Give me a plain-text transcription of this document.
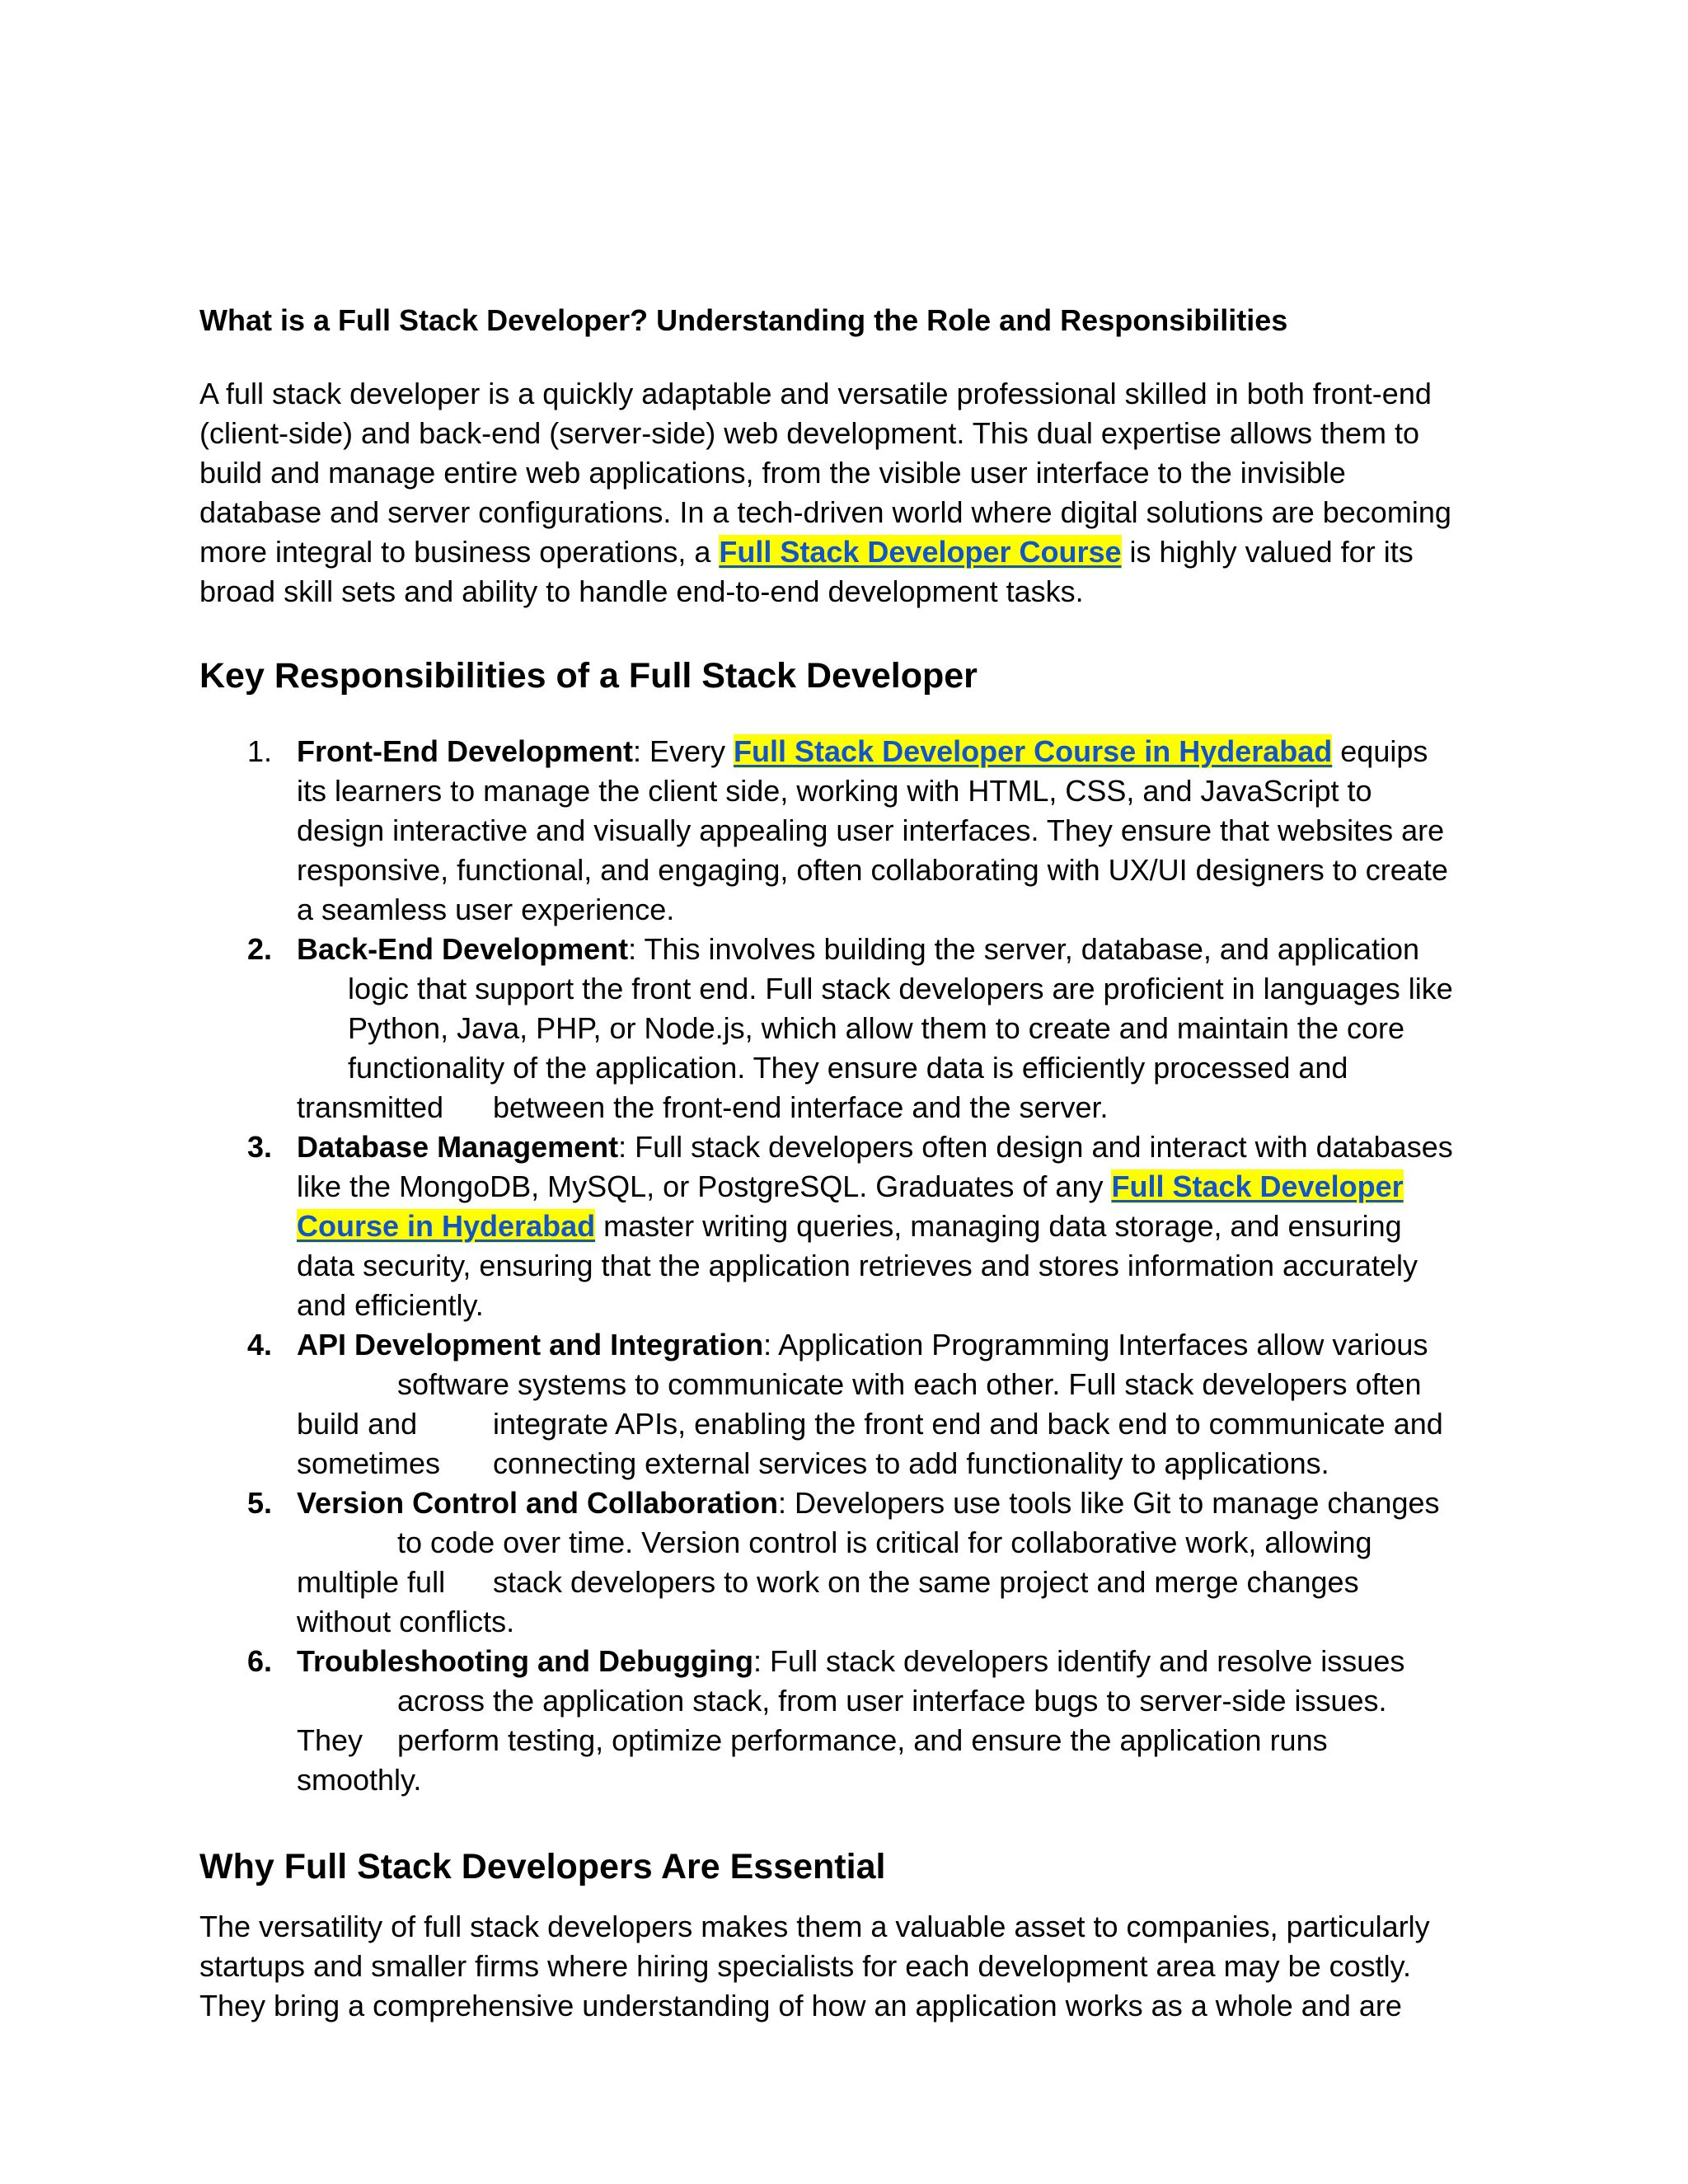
What is a Full Stack Developer? Understanding the Role and Responsibilities
A full stack developer is a quickly adaptable and versatile professional skilled in both front-end
(client-side) and back-end (server-side) web development. This dual expertise allows them to
build and manage entire web applications, from the visible user interface to the invisible
database and server configurations. In a tech-driven world where digital solutions are becoming
more integral to business operations, a Full Stack Developer Course is highly valued for its
broad skill sets and ability to handle end-to-end development tasks.
Key Responsibilities of a Full Stack Developer
1. Front-End Development: Every Full Stack Developer Course in Hyderabad equips
its learners to manage the client side, working with HTML, CSS, and JavaScript to
design interactive and visually appealing user interfaces. They ensure that websites are
responsive, functional, and engaging, often collaborating with UX/UI designers to create
a seamless user experience.
2. Back-End Development: This involves building the server, database, and application
logic that support the front end. Full stack developers are proficient in languages like
Python, Java, PHP, or Node.js, which allow them to create and maintain the core
functionality of the application. They ensure data is efficiently processed and
transmitted between the front-end interface and the server.
3. Database Management: Full stack developers often design and interact with databases
like the MongoDB, MySQL, or PostgreSQL. Graduates of any Full Stack Developer
Course in Hyderabad master writing queries, managing data storage, and ensuring
data security, ensuring that the application retrieves and stores information accurately
and efficiently.
4. API Development and Integration: Application Programming Interfaces allow various
software systems to communicate with each other. Full stack developers often
build and	integrate APIs, enabling the front end and back end to communicate and
sometimes connecting external services to add functionality to applications.
5. Version Control and Collaboration: Developers use tools like Git to manage changes
to code over time. Version control is critical for collaborative work, allowing
multiple full stack developers to work on the same project and merge changes
without conflicts.
6. Troubleshooting and Debugging: Full stack developers identify and resolve issues
across the application stack, from user interface bugs to server-side issues.
They perform testing, optimize performance, and ensure the application runs
smoothly.
Why Full Stack Developers Are Essential
The versatility of full stack developers makes them a valuable asset to companies, particularly
startups and smaller firms where hiring specialists for each development area may be costly.
They bring a comprehensive understanding of how an application works as a whole and are
